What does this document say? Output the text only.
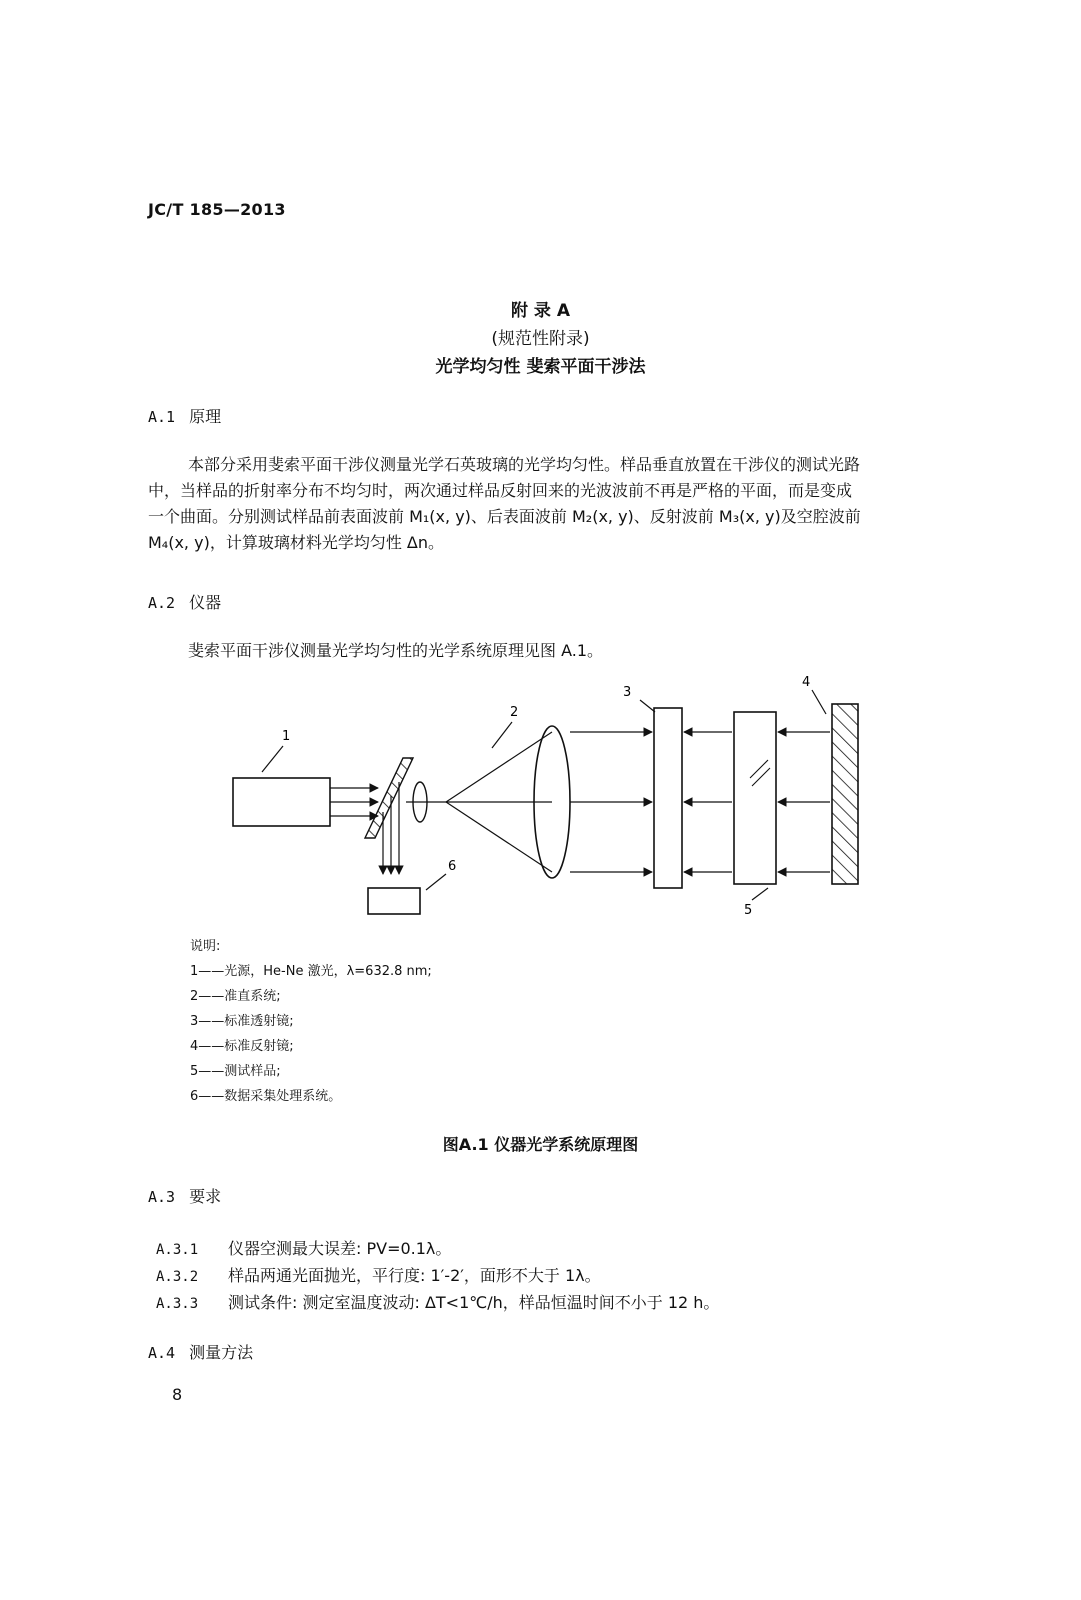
JC/T 185—2013
附 录 A
(规范性附录)
光学均匀性 斐索平面干涉法
A.1 原理

本部分采用斐索平面干涉仪测量光学石英玻璃的光学均匀性。样品垂直放置在干涉仪的测试光路

中，当样品的折射率分布不均匀时，两次通过样品反射回来的光波波前不再是严格的平面，而是变成

一个曲面。分别测试样品前表面波前 M₁(x, y)、后表面波前 M₂(x, y)、反射波前 M₃(x, y)及空腔波前

M₄(x, y)，计算玻璃材料光学均匀性 Δn。

A.2 仪器
斐索平面干涉仪测量光学均匀性的光学系统原理见图 A.1。
1
6
2
3
5
4
说明:
1——光源，He-Ne 激光，λ=632.8 nm;
2——准直系统;
3——标准透射镜;
4——标准反射镜;
5——测试样品;
6——数据采集处理系统。
图A.1 仪器光学系统原理图
A.3 要求
A.3.1 仪器空测最大误差: PV=0.1λ。
A.3.2 样品两通光面抛光，平行度: 1′-2′，面形不大于 1λ。
A.3.3 测试条件: 测定室温度波动: ΔT<1℃/h，样品恒温时间不小于 12 h。
A.4 测量方法
8
